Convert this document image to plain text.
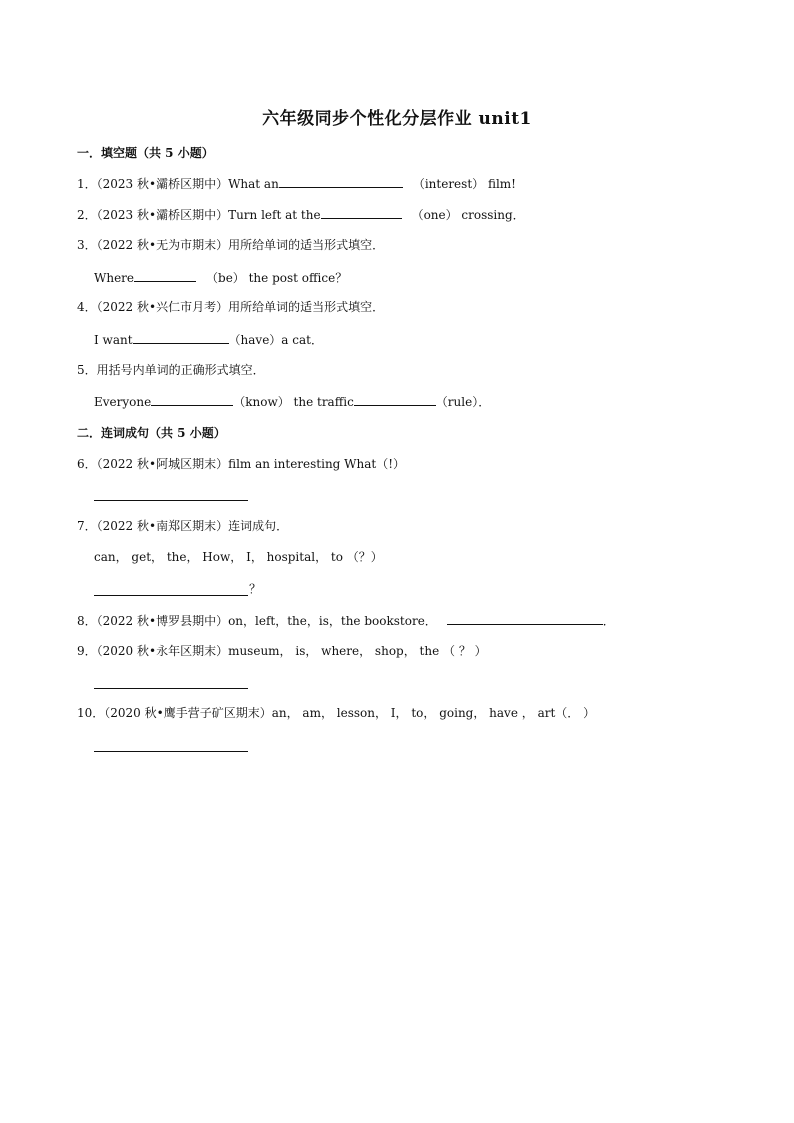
六年级同步个性化分层作业 unit1
一．填空题（共 5 小题）
1．（2023 秋•灞桥区期中）What an	（interest） film!
2．（2023 秋•灞桥区期中）Turn left at the	（one） crossing．
3．（2022 秋•无为市期末）用所给单词的适当形式填空．
Where	（be） the post office？
4．（2022 秋•兴仁市月考）用所给单词的适当形式填空．
I want	（have）a cat．
5．用括号内单词的正确形式填空．
Everyone	（know） the traffic	（rule）．
二．连词成句（共 5 小题）
6．（2022 秋•阿城区期末）film an interesting What（!）
7．（2022 秋•南郑区期末）连词成句．
can， get， the， How， I， hospital， to （？）
？
8．（2022 秋•博罗县期中）on，left，the，is，the bookstore．	．
9．（2020 秋•永年区期末）museum， is， where， shop， the （ ？ ）
10．（2020 秋•鹰手营子矿区期末）an， am， lesson， I， to， going， have ， art（． ）
